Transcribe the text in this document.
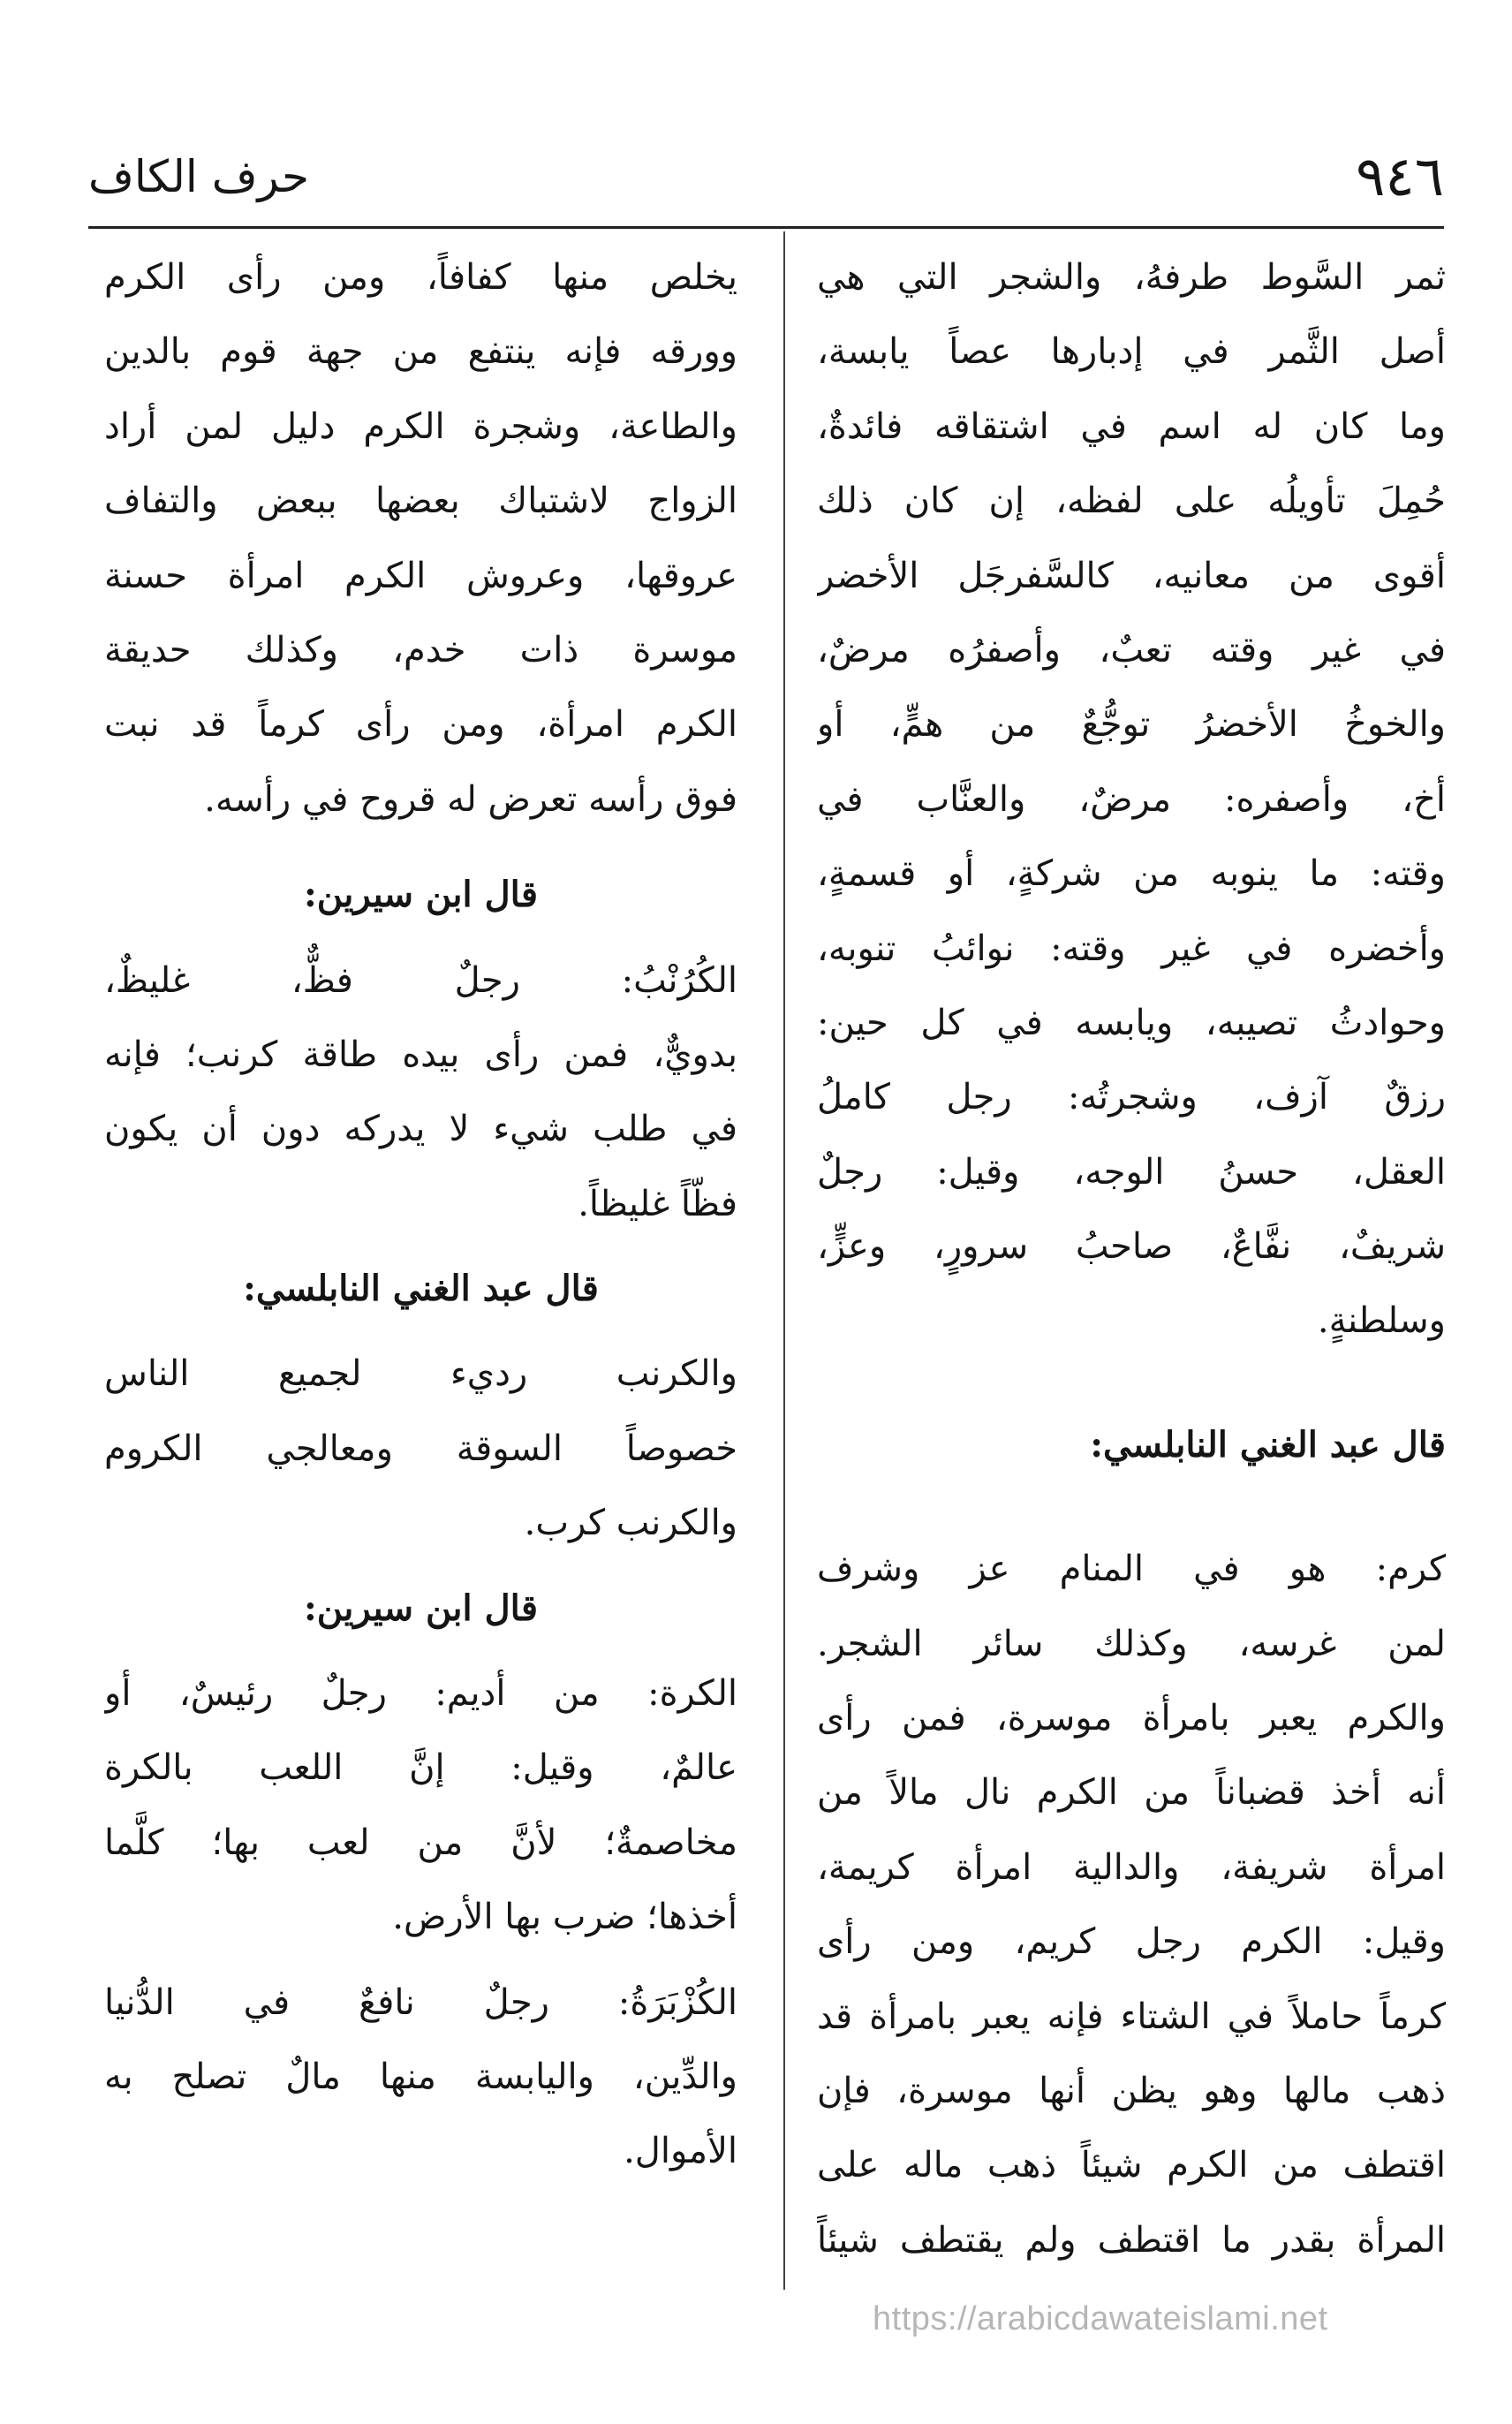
٩٤٦
حرف الكاف
ثمر السَّوط طرفهُ، والشجر التي هي
أصل الثَّمر في إدبارها عصاً يابسة،
وما كان له اسم في اشتقاقه فائدةٌ،
حُمِلَ تأويلُه على لفظه، إن كان ذلك
أقوى من معانيه، كالسَّفرجَل الأخضر
في غير وقته تعبٌ، وأصفرُه مرضٌ،
والخوخُ الأخضرُ توجُّعٌ من همٍّ، أو
أخ، وأصفره: مرضٌ، والعنَّاب في
وقته: ما ينوبه من شركةٍ، أو قسمةٍ،
وأخضره في غير وقته: نوائبُ تنوبه،
وحوادثُ تصيبه، ويابسه في كل حين:
رزقٌ آزف، وشجرتُه: رجل كاملُ
العقل، حسنُ الوجه، وقيل: رجلٌ
شريفٌ، نفَّاعٌ، صاحبُ سرورٍ، وعزٍّ،
وسلطنةٍ.
قال عبد الغني النابلسي:
كرم: هو في المنام عز وشرف
لمن غرسه، وكذلك سائر الشجر.
والكرم يعبر بامرأة موسرة، فمن رأى
أنه أخذ قضباناً من الكرم نال مالاً من
امرأة شريفة، والدالية امرأة كريمة،
وقيل: الكرم رجل كريم، ومن رأى
كرماً حاملاً في الشتاء فإنه يعبر بامرأة قد
ذهب مالها وهو يظن أنها موسرة، فإن
اقتطف من الكرم شيئاً ذهب ماله على
المرأة بقدر ما اقتطف ولم يقتطف شيئاً
يخلص منها كفافاً، ومن رأى الكرم
وورقه فإنه ينتفع من جهة قوم بالدين
والطاعة، وشجرة الكرم دليل لمن أراد
الزواج لاشتباك بعضها ببعض والتفاف
عروقها، وعروش الكرم امرأة حسنة
موسرة ذات خدم، وكذلك حديقة
الكرم امرأة، ومن رأى كرماً قد نبت
فوق رأسه تعرض له قروح في رأسه.
قال ابن سيرين:
الكُرُنْبُ: رجلٌ فظٌّ، غليظٌ،
بدويٌّ، فمن رأى بيده طاقة كرنب؛ فإنه
في طلب شيء لا يدركه دون أن يكون
فظّاً غليظاً.
قال عبد الغني النابلسي:
والكرنب رديء لجميع الناس
خصوصاً السوقة ومعالجي الكروم
والكرنب كرب.
قال ابن سيرين:
الكرة: من أديم: رجلٌ رئيسٌ، أو
عالمٌ، وقيل: إنَّ اللعب بالكرة
مخاصمةٌ؛ لأنَّ من لعب بها؛ كلَّما
أخذها؛ ضرب بها الأرض.
الكُزْبَرَةُ: رجلٌ نافعٌ في الدُّنيا
والدِّين، واليابسة منها مالٌ تصلح به
الأموال.
https://arabicdawateislami.net
